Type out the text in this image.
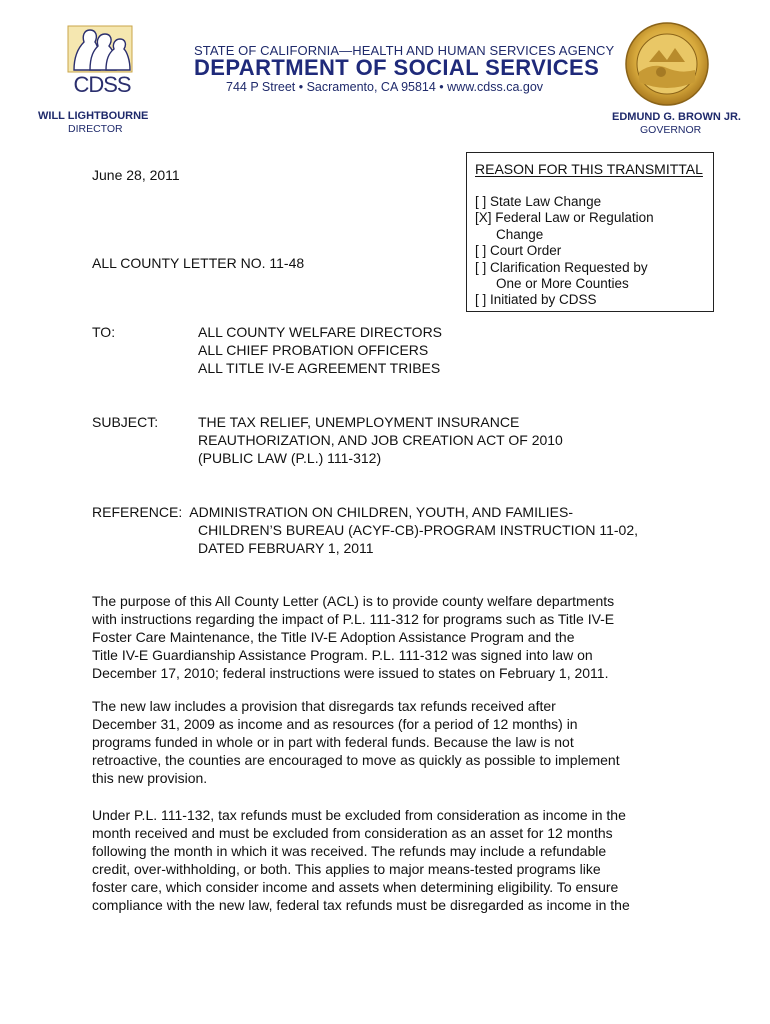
CDSS
STATE OF CALIFORNIA—HEALTH AND HUMAN SERVICES AGENCY
DEPARTMENT OF SOCIAL SERVICES
744 P Street • Sacramento, CA 95814 • www.cdss.ca.gov
WILL LIGHTBOURNE
DIRECTOR
EDMUND G. BROWN JR.
GOVERNOR
June 28, 2011
ALL COUNTY LETTER NO. 11-48
REASON FOR THIS TRANSMITTAL
[ ] State Law Change
[X] Federal Law or Regulation
Change
[ ] Court Order
[ ] Clarification Requested by
One or More Counties
[ ] Initiated by CDSS
TO:	ALL COUNTY WELFARE DIRECTORS
ALL CHIEF PROBATION OFFICERS
ALL TITLE IV-E AGREEMENT TRIBES
SUBJECT:	THE TAX RELIEF, UNEMPLOYMENT INSURANCE
REAUTHORIZATION, AND JOB CREATION ACT OF 2010
(PUBLIC LAW (P.L.) 111-312)
REFERENCE:  ADMINISTRATION ON CHILDREN, YOUTH, AND FAMILIES-
CHILDREN’S BUREAU (ACYF-CB)-PROGRAM INSTRUCTION 11-02,
DATED FEBRUARY 1, 2011
The purpose of this All County Letter (ACL) is to provide county welfare departments
with instructions regarding the impact of P.L. 111-312 for programs such as Title IV-E
Foster Care Maintenance, the Title IV-E Adoption Assistance Program and the
Title IV-E Guardianship Assistance Program. P.L. 111-312 was signed into law on
December 17, 2010; federal instructions were issued to states on February 1, 2011.
The new law includes a provision that disregards tax refunds received after
December 31, 2009 as income and as resources (for a period of 12 months) in
programs funded in whole or in part with federal funds. Because the law is not
retroactive, the counties are encouraged to move as quickly as possible to implement
this new provision.
Under P.L. 111-132, tax refunds must be excluded from consideration as income in the
month received and must be excluded from consideration as an asset for 12 months
following the month in which it was received. The refunds may include a refundable
credit, over-withholding, or both. This applies to major means-tested programs like
foster care, which consider income and assets when determining eligibility. To ensure
compliance with the new law, federal tax refunds must be disregarded as income in the
